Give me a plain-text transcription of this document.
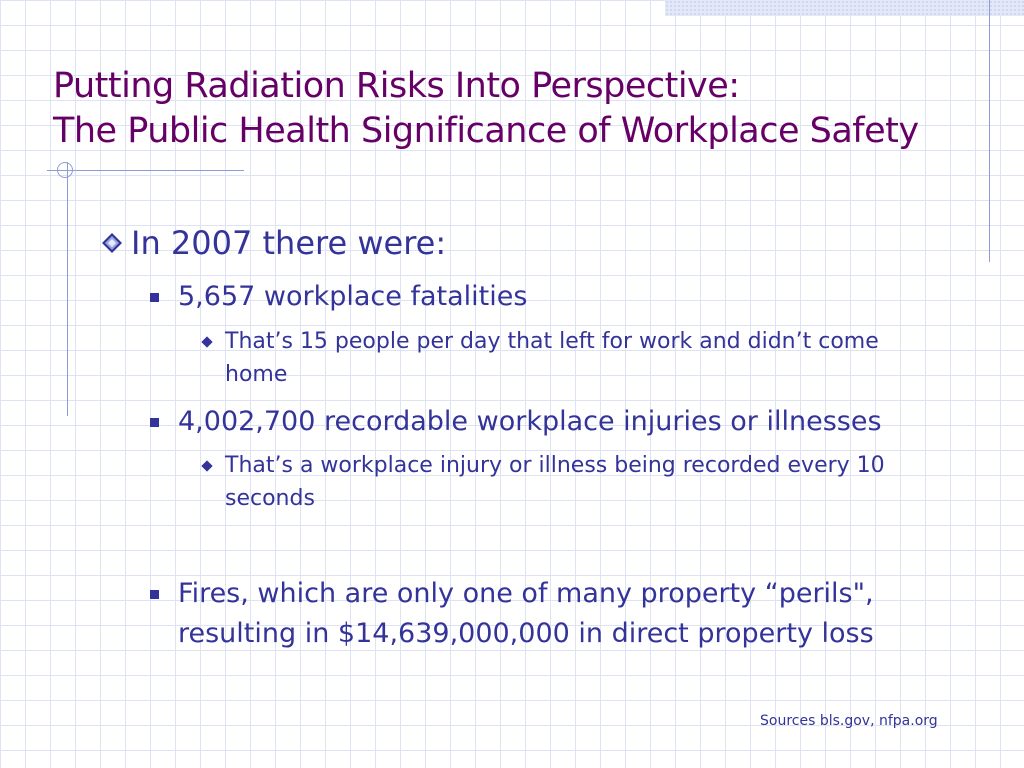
Putting Radiation Risks Into Perspective:
The Public Health Significance of Workplace Safety
In 2007 there were:
5,657 workplace fatalities
That’s 15 people per day that left for work and didn’t come
home
4,002,700 recordable workplace injuries or illnesses
That’s a workplace injury or illness being recorded every 10
seconds
Fires, which are only one of many property “perils",
resulting in $14,639,000,000 in direct property loss
Sources bls.gov, nfpa.org
